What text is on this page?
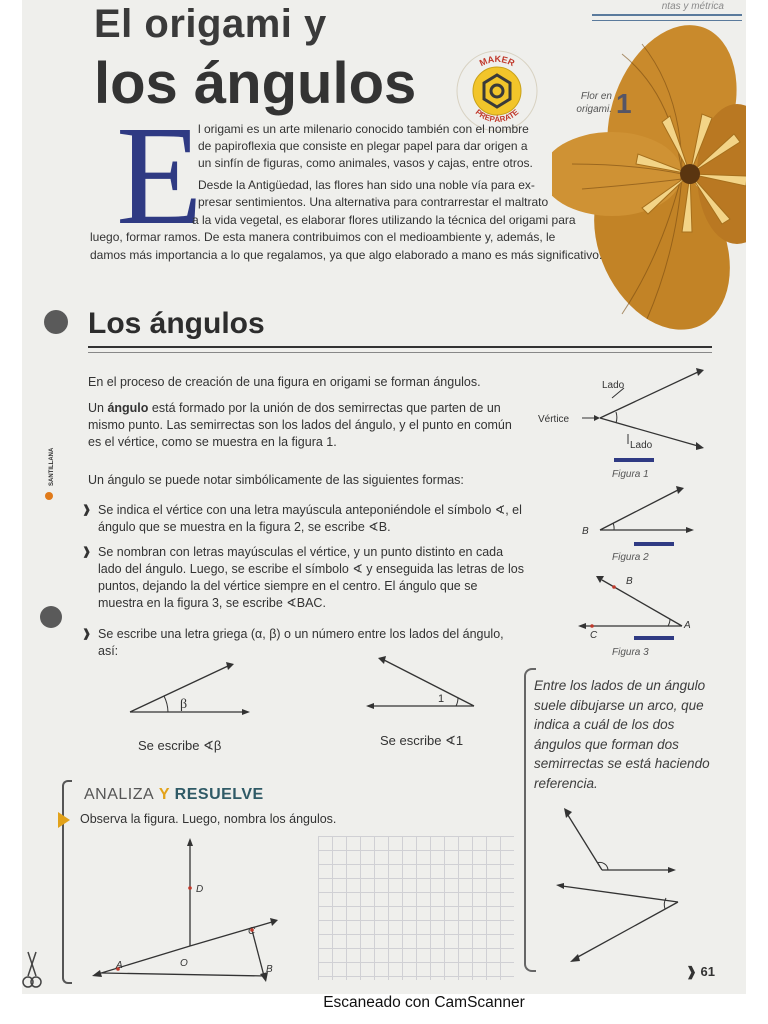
ntas y métrica
El origami y
los ángulos	MAKER
PREPÁRATE
Flor en
origami. 1
E
l origami es un arte milenario conocido también con el nombre
de papiroflexia que consiste en plegar papel para dar origen a
un sinfín de figuras, como animales, vasos y cajas, entre otros.
Desde la Antigüedad, las flores han sido una noble vía para ex-
presar sentimientos. Una alternativa para contrarrestar el maltrato
a la vida vegetal, es elaborar flores utilizando la técnica del origami para
luego, formar ramos. De esta manera contribuimos con el medioambiente y, además, le
damos más importancia a lo que regalamos, ya que algo elaborado a mano es más significativo.
Los ángulos
En el proceso de creación de una figura en origami se forman ángulos.
Un ángulo está formado por la unión de dos semirrectas que parten de un mismo punto. Las semirrectas son los lados del ángulo, y el punto en común es el vértice, como se muestra en la figura 1.
Un ángulo se puede notar simbólicamente de las siguientes formas:
❱ Se indica el vértice con una letra mayúscula anteponiéndole el símbolo ∢, el ángulo que se muestra en la figura 2, se escribe ∢B.
❱ Se nombran con letras mayúsculas el vértice, y un punto distinto en cada lado del ángulo. Luego, se escribe el símbolo ∢ y enseguida las letras de los puntos, dejando la del vértice siempre en el centro. El ángulo que se muestra en la figura 3, se escribe ∢BAC.
❱ Se escribe una letra griega (α, β) o un número entre los lados del ángulo, así:
SANTILLANA
β
Se escribe ∢β
1
Se escribe ∢1
Lado
Vértice
Lado
Figura 1
B
Figura 2
B
A
C
Figura 3
Entre los lados de un ángulo suele dibujarse un arco, que indica a cuál de los dos ángulos que forman dos semirrectas se está haciendo referencia.
ANALIZA Y RESUELVE
Observa la figura. Luego, nombra los ángulos.
D
C
A	O
B	❱ 61
Escaneado con CamScanner
